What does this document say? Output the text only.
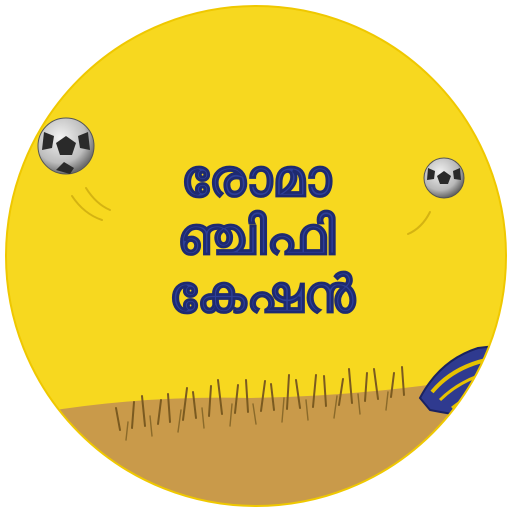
രോമാ
ഞ്ചിഫി
കേഷൻ
